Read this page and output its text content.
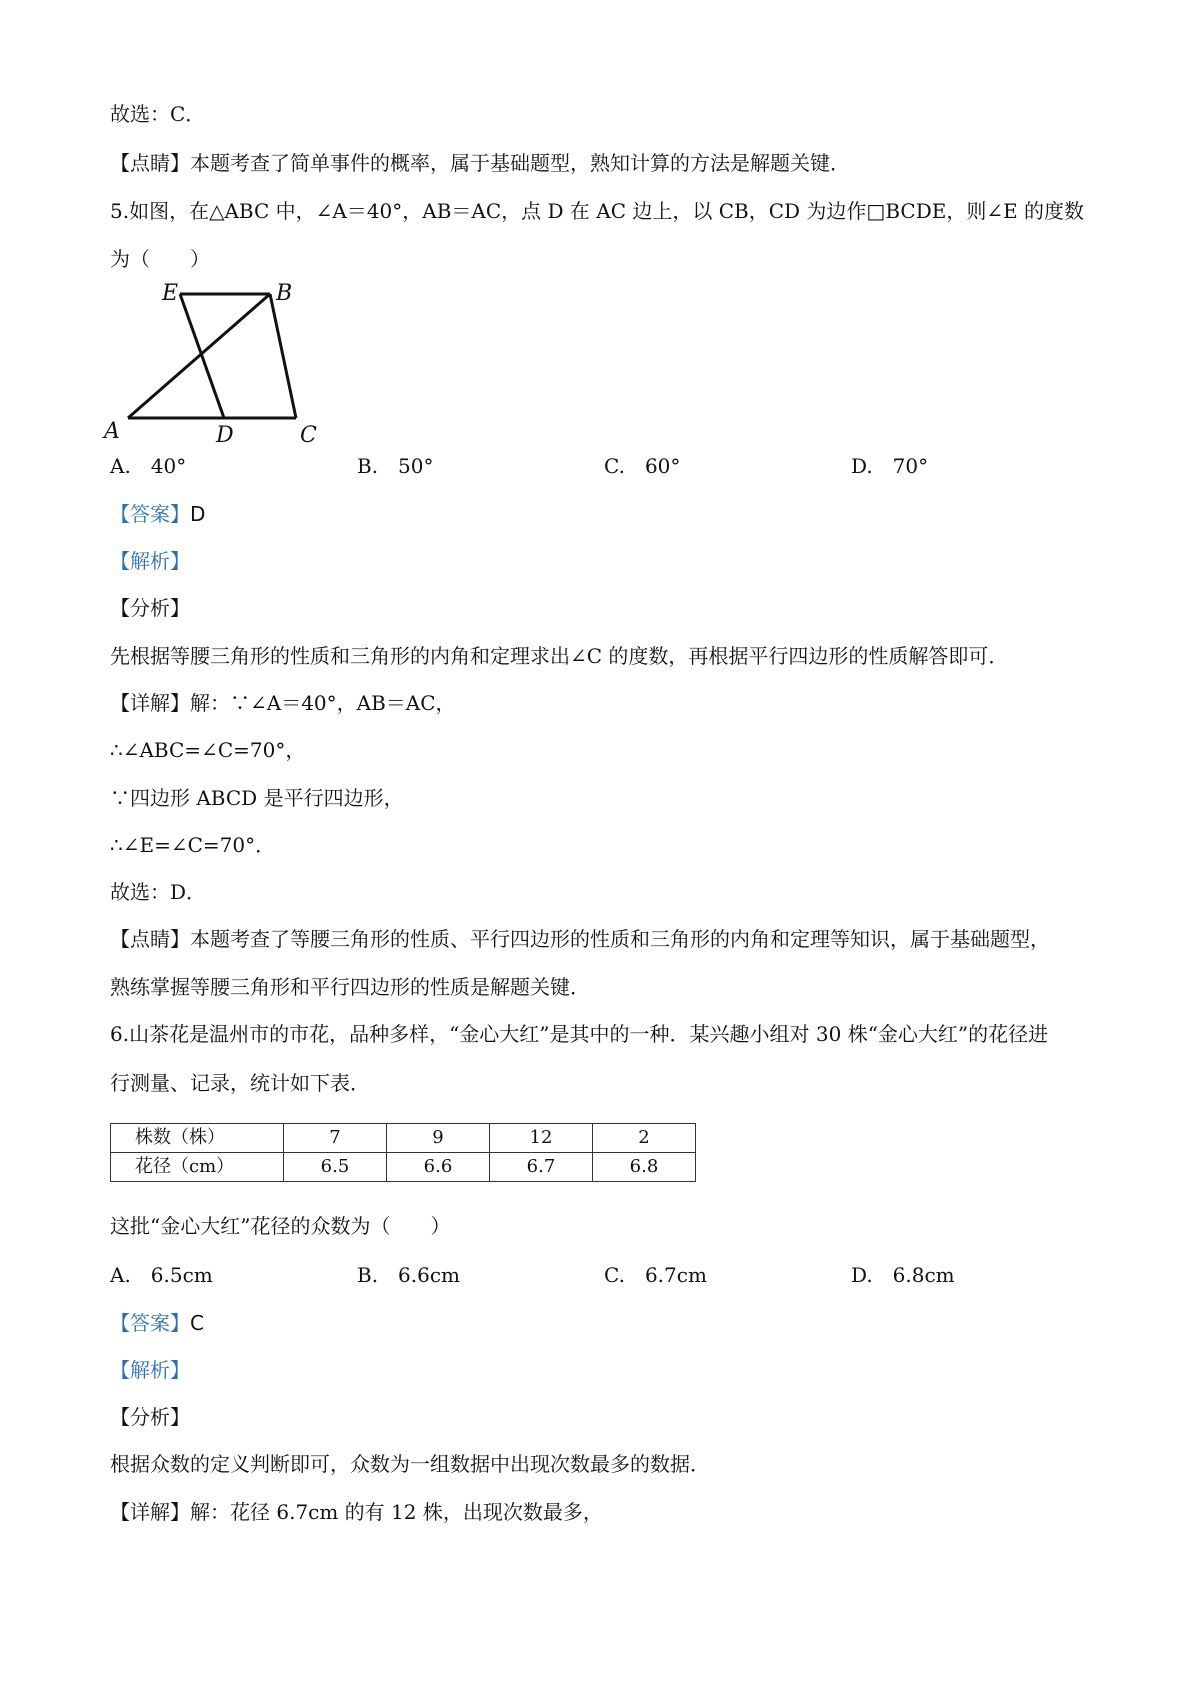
故选：C．
【点睛】本题考查了简单事件的概率，属于基础题型，熟知计算的方法是解题关键．
5.如图，在△ABC 中，∠A＝40°，AB＝AC，点 D 在 AC 边上，以 CB，CD 为边作□BCDE，则∠E 的度数
为（　　）
E	B
A	D	C
A.　40°	B.　50°	C.　60°	D.　70°
【答案】D
【解析】
【分析】
先根据等腰三角形的性质和三角形的内角和定理求出∠C 的度数，再根据平行四边形的性质解答即可．
【详解】解：∵∠A＝40°，AB＝AC，
∴∠ABC=∠C=70°，
∵四边形 ABCD 是平行四边形，
∴∠E=∠C=70°．
故选：D．
【点睛】本题考查了等腰三角形的性质、平行四边形的性质和三角形的内角和定理等知识，属于基础题型，
熟练掌握等腰三角形和平行四边形的性质是解题关键．
6.山茶花是温州市的市花，品种多样，“金心大红”是其中的一种．某兴趣小组对 30 株“金心大红”的花径进
行测量、记录，统计如下表．
株数（株）	7	9	12	2
花径（cm）	6.5	6.6	6.7	6.8
这批“金心大红”花径的众数为（　　）
A.　6.5cm	B.　6.6cm	C.　6.7cm	D.　6.8cm
【答案】C
【解析】
【分析】
根据众数的定义判断即可，众数为一组数据中出现次数最多的数据．
【详解】解：花径 6.7cm 的有 12 株，出现次数最多，
